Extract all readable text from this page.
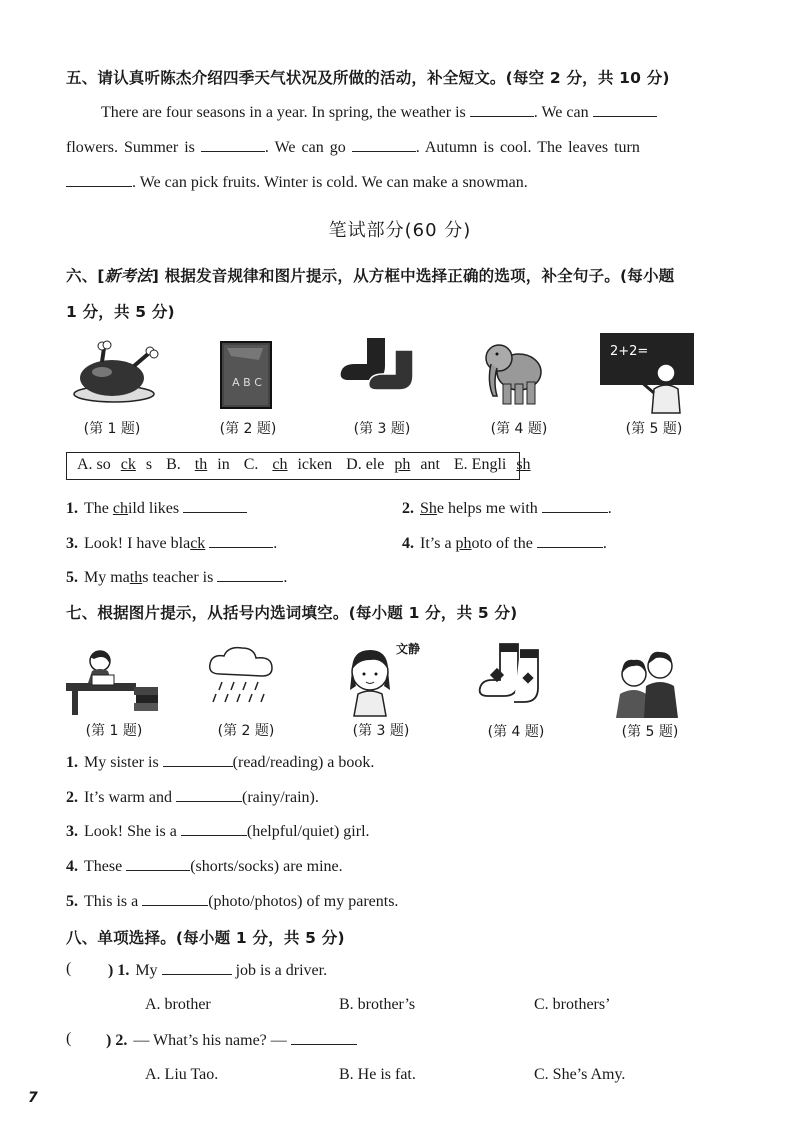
五、请认真听陈杰介绍四季天气状况及所做的活动，补全短文。(每空 2 分，共 10 分)
There are four seasons in a year. In spring, the weather is	. We can
flowers. Summer is	. We can go	. Autumn is cool. The leaves turn
. We can pick fruits. Winter is cold. We can make a snowman.
笔试部分(60 分)
六、[新考法] 根据发音规律和图片提示，从方框中选择正确的选项，补全句子。(每小题
1 分，共 5 分)
A B C
2+2=
(第 1 题)	(第 2 题)	(第 3 题)	(第 4 题)	(第 5 题)
A. so ck s B. th in C. ch icken D. ele ph ant E. Engli sh
1. The child likes	2. She helps me with	.
3. Look! I have black	.	4. It’s a photo of the	.
5. My maths teacher is	.
七、根据图片提示，从括号内选词填空。(每小题 1 分，共 5 分)
文静
(第 1 题)	(第 2 题)	(第 3 题)	(第 4 题)	(第 5 题)
1. My sister is	(read/reading) a book.
2. It’s warm and	(rainy/rain).
3. Look! She is a	(helpful/quiet) girl.
4. These	(shorts/socks) are mine.
5. This is a	(photo/photos) of my parents.
八、单项选择。(每小题 1 分，共 5 分)
( ) 1. My	job is a driver.
A. brother	B. brother’s	C. brothers’
( ) 2. — What’s his name? —
A. Liu Tao.	B. He is fat.	C. She’s Amy.
7
